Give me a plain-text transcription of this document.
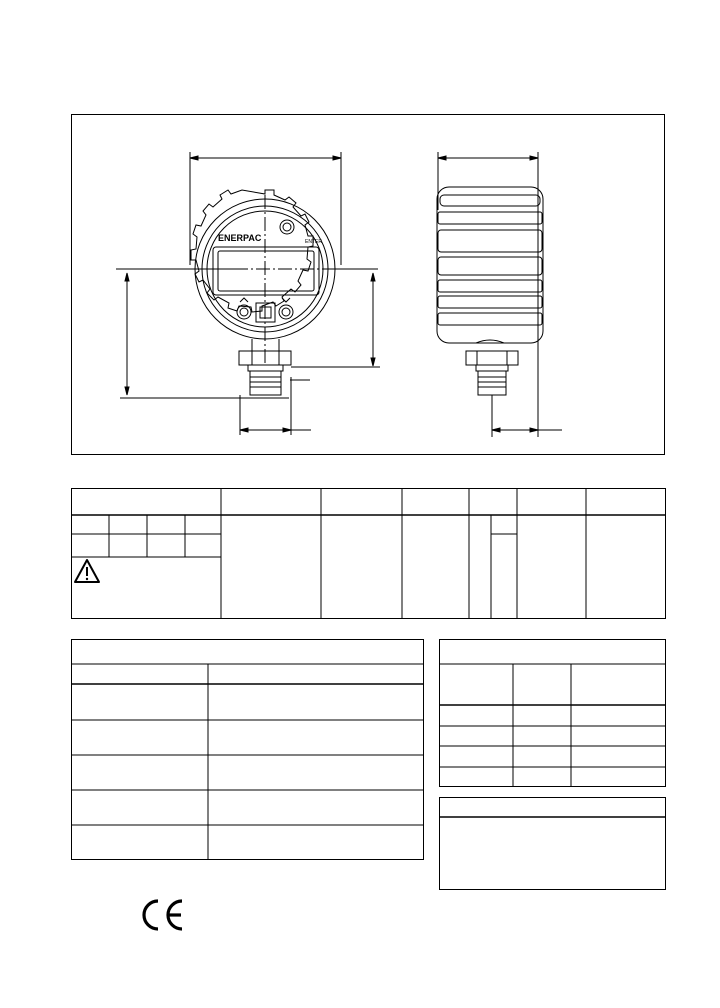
ENERPAC	ENTER
